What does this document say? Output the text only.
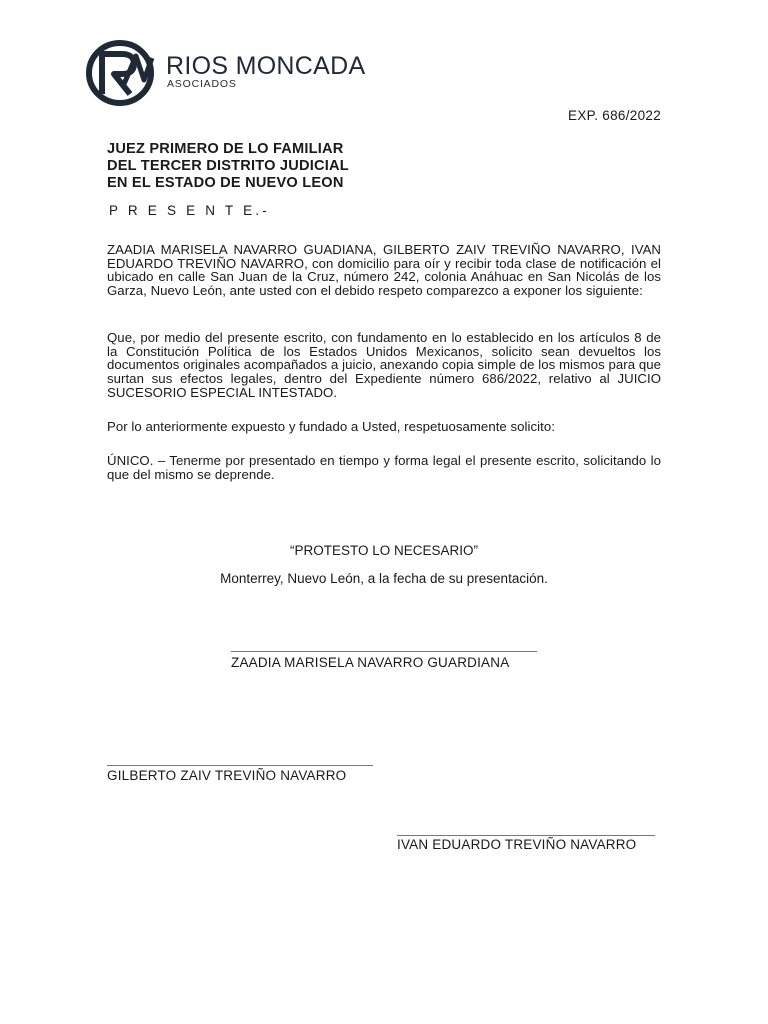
RIOS MONCADA
ASOCIADOS
EXP. 686/2022
JUEZ PRIMERO DE LO FAMILIAR
DEL TERCER DISTRITO JUDICIAL
EN EL ESTADO DE NUEVO LEON
P R E S E N T E.-
ZAADIA MARISELA NAVARRO GUADIANA, GILBERTO ZAIV TREVIÑO NAVARRO, IVAN EDUARDO TREVIÑO NAVARRO, con domicilio para oír y recibir toda clase de notificación el ubicado en calle San Juan de la Cruz, número 242, colonia Anáhuac en San Nicolás de los Garza, Nuevo León, ante usted con el debido respeto comparezco a exponer los siguiente:
Que, por medio del presente escrito, con fundamento en lo establecido en los artículos 8 de la Constitución Política de los Estados Unidos Mexicanos, solicito sean devueltos los documentos originales acompañados a juicio, anexando copia simple de los mismos para que surtan sus efectos legales, dentro del Expediente número 686/2022, relativo al JUICIO SUCESORIO ESPECIAL INTESTADO.
Por lo anteriormente expuesto y fundado a Usted, respetuosamente solicito:
ÚNICO. – Tenerme por presentado en tiempo y forma legal el presente escrito, solicitando lo que del mismo se deprende.
“PROTESTO LO NECESARIO”
Monterrey, Nuevo León, a la fecha de su presentación.
ZAADIA MARISELA NAVARRO GUARDIANA
GILBERTO ZAIV TREVIÑO NAVARRO
IVAN EDUARDO TREVIÑO NAVARRO
